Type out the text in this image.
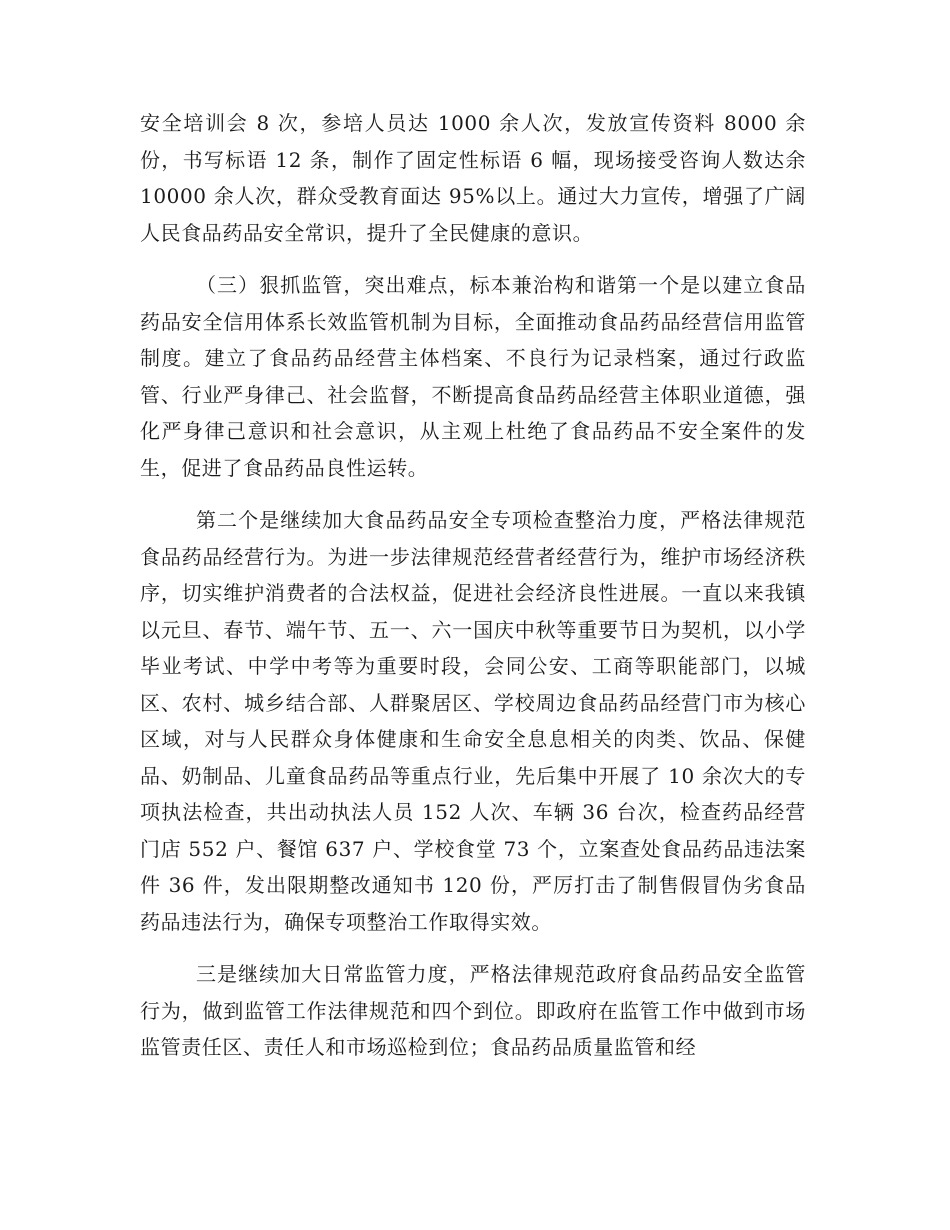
安全培训会 8 次，参培人员达 1000 余人次，发放宣传资料 8000 余份，书写标语 12 条，制作了固定性标语 6 幅，现场接受咨询人数达余 10000 余人次，群众受教育面达 95%以上。通过大力宣传，增强了广阔人民食品药品安全常识，提升了全民健康的意识。

（三）狠抓监管，突出难点，标本兼治构和谐第一个是以建立食品药品安全信用体系长效监管机制为目标，全面推动食品药品经营信用监管制度。建立了食品药品经营主体档案、不良行为记录档案，通过行政监管、行业严身律己、社会监督，不断提高食品药品经营主体职业道德，强化严身律己意识和社会意识，从主观上杜绝了食品药品不安全案件的发生，促进了食品药品良性运转。

第二个是继续加大食品药品安全专项检查整治力度，严格法律规范食品药品经营行为。为进一步法律规范经营者经营行为，维护市场经济秩序，切实维护消费者的合法权益，促进社会经济良性进展。一直以来我镇以元旦、春节、端午节、五一、六一国庆中秋等重要节日为契机，以小学毕业考试、中学中考等为重要时段，会同公安、工商等职能部门，以城区、农村、城乡结合部、人群聚居区、学校周边食品药品经营门市为核心区域，对与人民群众身体健康和生命安全息息相关的肉类、饮品、保健品、奶制品、儿童食品药品等重点行业，先后集中开展了 10 余次大的专项执法检查，共出动执法人员 152 人次、车辆 36 台次，检查药品经营门店 552 户、餐馆 637 户、学校食堂 73 个，立案查处食品药品违法案件 36 件，发出限期整改通知书 120 份，严厉打击了制售假冒伪劣食品药品违法行为，确保专项整治工作取得实效。

三是继续加大日常监管力度，严格法律规范政府食品药品安全监管行为，做到监管工作法律规范和四个到位。即政府在监管工作中做到市场监管责任区、责任人和市场巡检到位；食品药品质量监管和经
